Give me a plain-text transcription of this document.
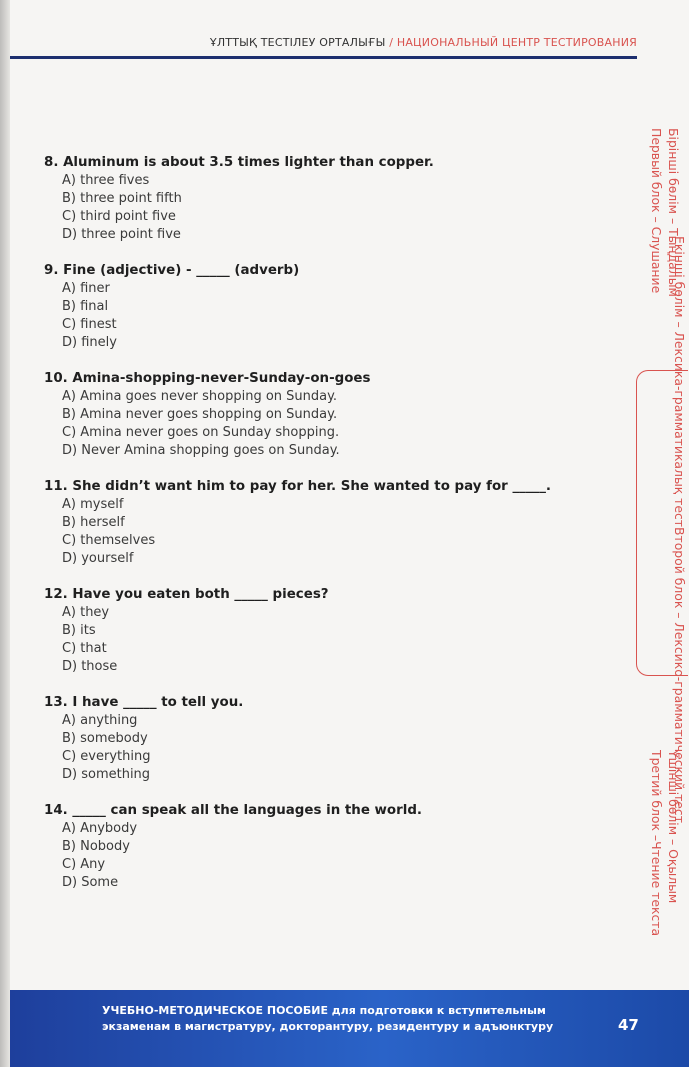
ҰЛТТЫҚ ТЕСТІЛЕУ ОРТАЛЫҒЫ / НАЦИОНАЛЬНЫЙ ЦЕНТР ТЕСТИРОВАНИЯ
8. Aluminum is about 3.5 times lighter than copper.
A) three fives
B) three point fifth
C) third point five
D) three point five
9. Fine (adjective) - _____ (adverb)
A) finer
B) final
C) finest
D) finely
10. Amina-shopping-never-Sunday-on-goes
A) Amina goes never shopping on Sunday.
B) Amina never goes shopping on Sunday.
C) Amina never goes on Sunday shopping.
D) Never Amina shopping goes on Sunday.
11. She didn’t want him to pay for her. She wanted to pay for _____.
A) myself
B) herself
C) themselves
D) yourself
12. Have you eaten both _____ pieces?
A) they
B) its
C) that
D) those
13. I have _____ to tell you.
A) anything
B) somebody
C) everything
D) something
14. _____ can speak all the languages in the world.
A) Anybody
B) Nobody
C) Any
D) Some
Бірінші бөлім – Тыңдалым
Первый блок – Слушание
Екінші бөлім – Лексика-грамматикалық тест
Второй блок – Лексико-грамматический тест
Үшінші бөлім – Оқылым
Третий блок –Чтение текста
УЧЕБНО-МЕТОДИЧЕСКОЕ ПОСОБИЕ для подготовки к вступительным
экзаменам в магистратуру, докторантуру, резидентуру и адъюнктуру	47
